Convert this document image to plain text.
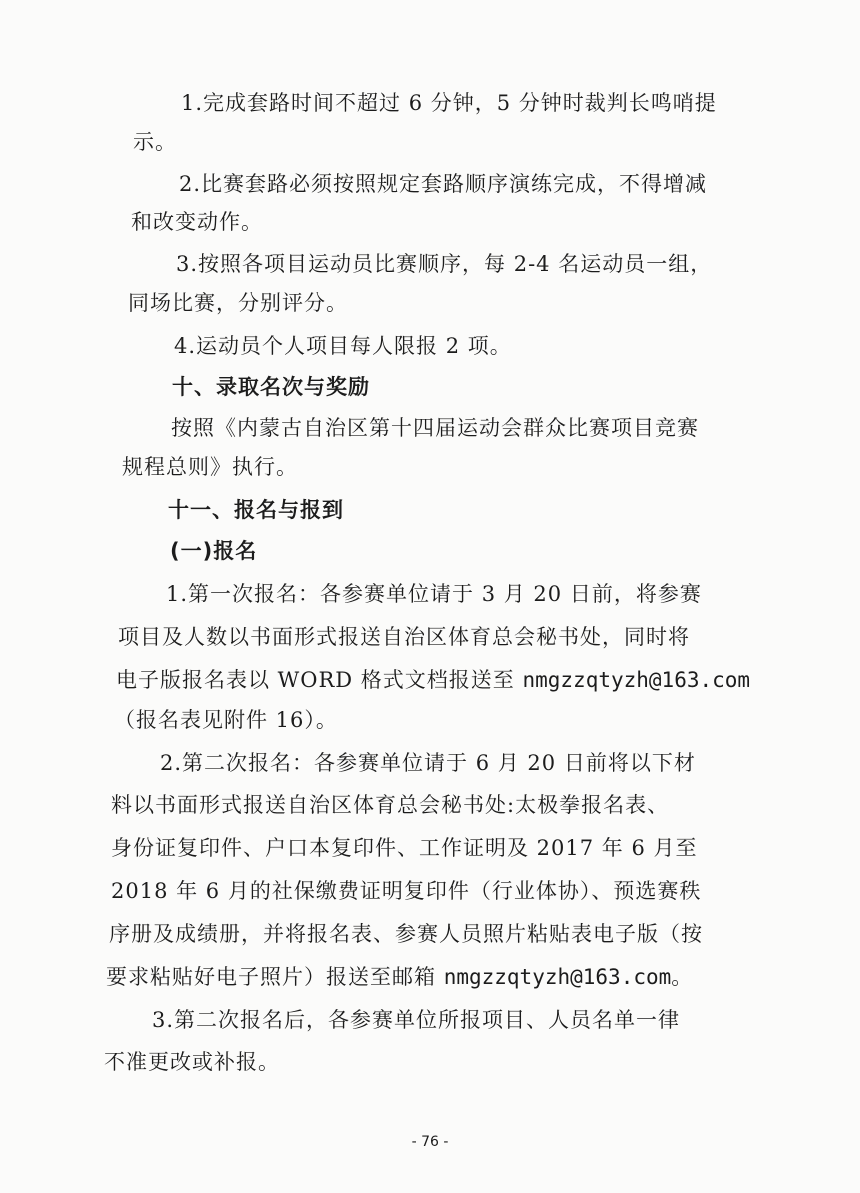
1.完成套路时间不超过 6 分钟，5 分钟时裁判长鸣哨提
示。
2.比赛套路必须按照规定套路顺序演练完成，不得增减
和改变动作。
3.按照各项目运动员比赛顺序，每 2-4 名运动员一组，
同场比赛，分别评分。
4.运动员个人项目每人限报 2 项。
十、录取名次与奖励
按照《内蒙古自治区第十四届运动会群众比赛项目竞赛
规程总则》执行。
十一、报名与报到
(一)报名
1.第一次报名：各参赛单位请于 3 月 20 日前，将参赛
项目及人数以书面形式报送自治区体育总会秘书处，同时将
电子版报名表以 WORD 格式文档报送至 nmgzzqtyzh@163.com
（报名表见附件 16）。
2.第二次报名：各参赛单位请于 6 月 20 日前将以下材
料以书面形式报送自治区体育总会秘书处:太极拳报名表、
身份证复印件、户口本复印件、工作证明及 2017 年 6 月至
2018 年 6 月的社保缴费证明复印件（行业体协）、预选赛秩
序册及成绩册，并将报名表、参赛人员照片粘贴表电子版（按
要求粘贴好电子照片）报送至邮箱 nmgzzqtyzh@163.com。
3.第二次报名后，各参赛单位所报项目、人员名单一律
不准更改或补报。
- 76 -
